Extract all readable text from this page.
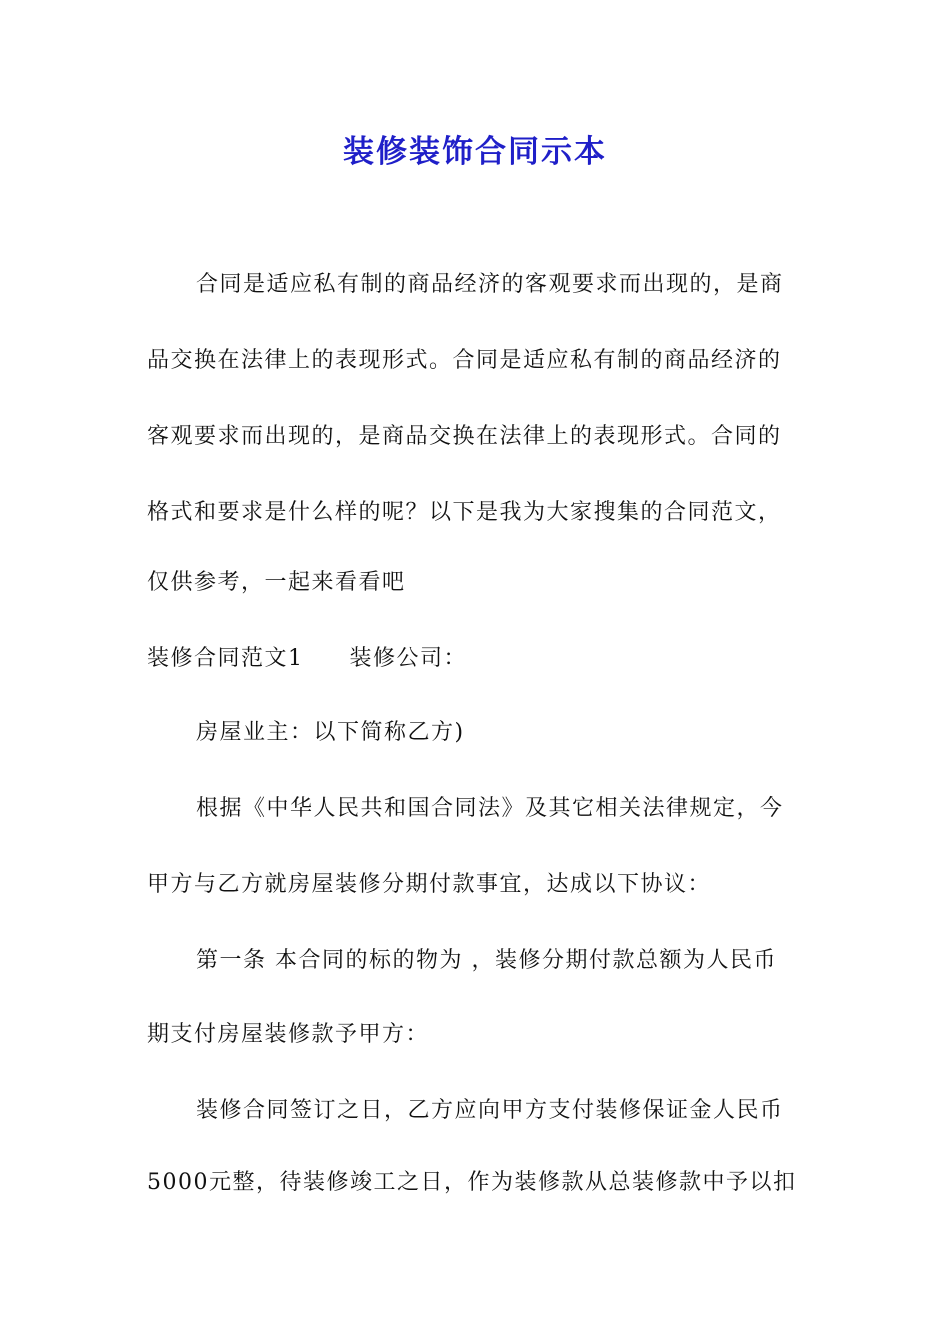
装修装饰合同示本
合同是适应私有制的商品经济的客观要求而出现的，是商
品交换在法律上的表现形式。合同是适应私有制的商品经济的
客观要求而出现的，是商品交换在法律上的表现形式。合同的
格式和要求是什么样的呢？以下是我为大家搜集的合同范文，
仅供参考，一起来看看吧
装修合同范文1 装修公司：
房屋业主：以下简称乙方)
根据《中华人民共和国合同法》及其它相关法律规定，今
甲方与乙方就房屋装修分期付款事宜，达成以下协议：
第一条 本合同的标的物为 ，装修分期付款总额为人民币
期支付房屋装修款予甲方：
装修合同签订之日，乙方应向甲方支付装修保证金人民币
5000元整，待装修竣工之日，作为装修款从总装修款中予以扣
